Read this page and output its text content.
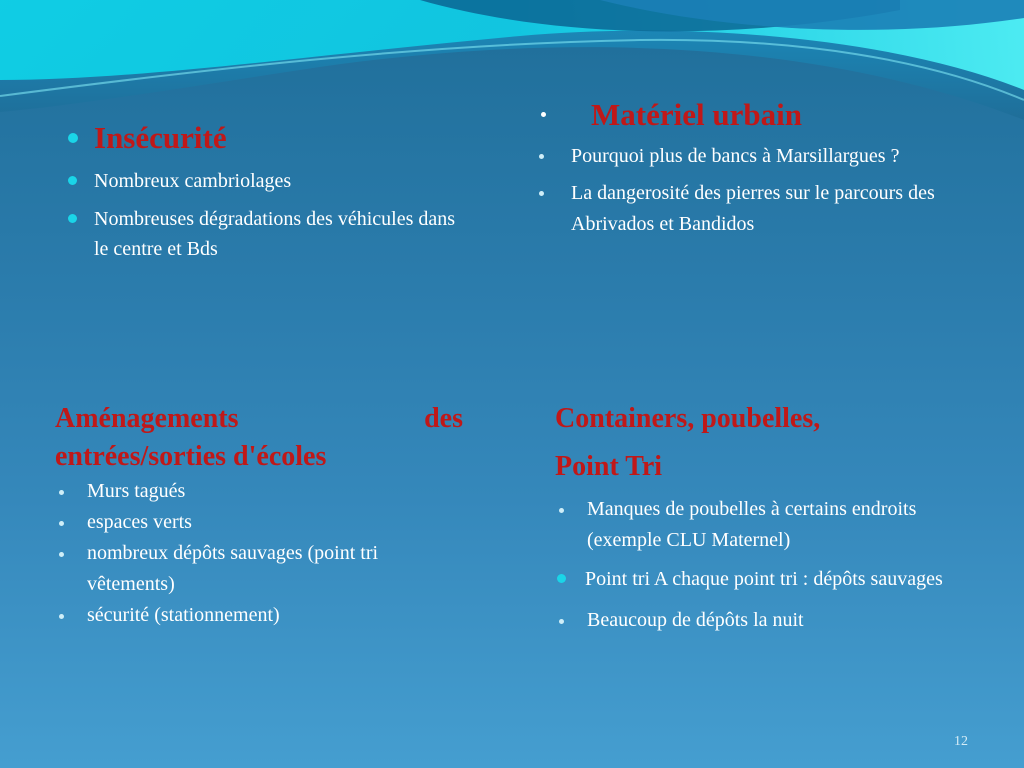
Insécurité
Nombreux cambriolages
Nombreuses dégradations des véhicules dans le centre et Bds
Matériel urbain
Pourquoi plus de bancs à Marsillargues ?
La dangerosité des pierres sur le parcours des Abrivados et Bandidos
Aménagements	des
entrées/sorties d'écoles
Murs tagués
espaces verts
nombreux dépôts sauvages (point tri vêtements)
sécurité (stationnement)
Containers, poubelles,
Point Tri
Manques de poubelles à certains endroits (exemple CLU Maternel)
Point tri A chaque point tri : dépôts sauvages
Beaucoup de dépôts la nuit
12
